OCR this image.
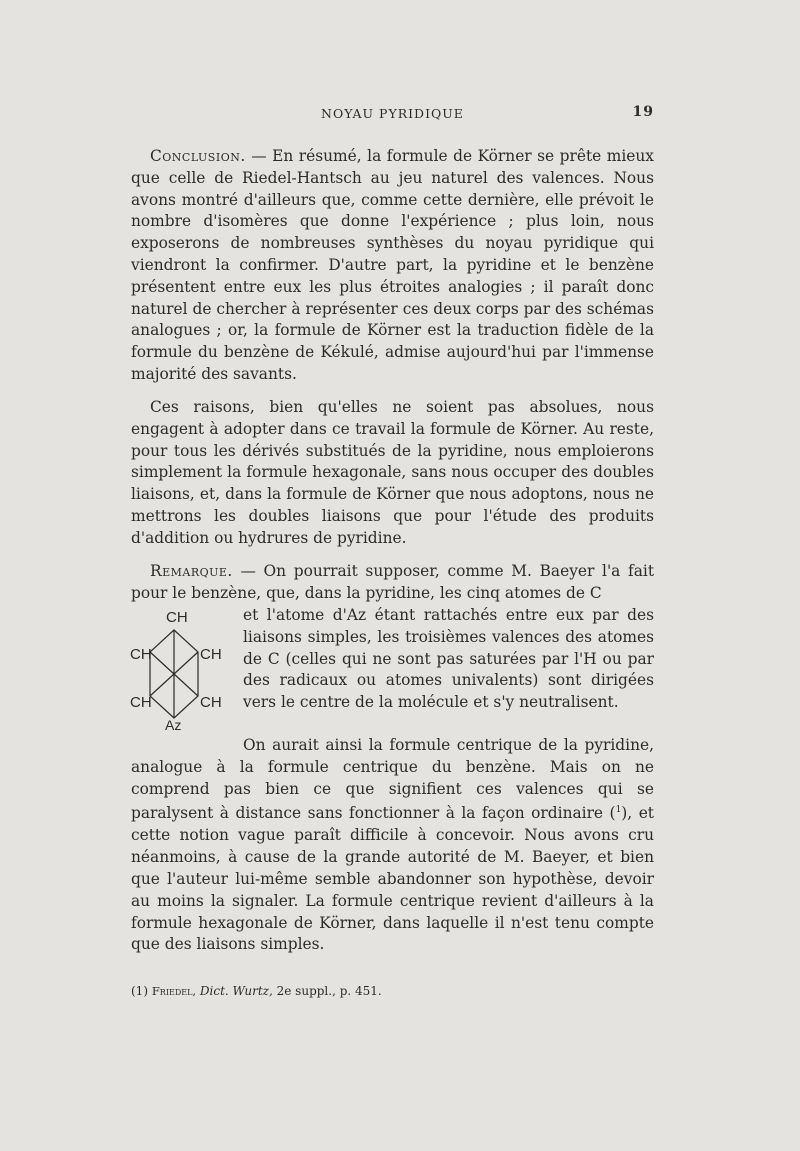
NOYAU PYRIDIQUE	19

Conclusion. — En résumé, la formule de Körner se prête mieux que celle de Riedel-Hantsch au jeu naturel des valences. Nous avons montré d'ailleurs que, comme cette dernière, elle prévoit le nombre d'isomères que donne l'expérience ; plus loin, nous exposerons de nombreuses synthèses du noyau pyridique qui viendront la confirmer. D'autre part, la pyridine et le benzène présentent entre eux les plus étroites analogies ; il paraît donc naturel de chercher à représenter ces deux corps par des schémas analogues ; or, la formule de Körner est la traduction fidèle de la formule du benzène de Kékulé, admise aujourd'hui par l'immense majorité des savants.

Ces raisons, bien qu'elles ne soient pas absolues, nous engagent à adopter dans ce travail la formule de Körner. Au reste, pour tous les dérivés substitués de la pyridine, nous emploierons simplement la formule hexagonale, sans nous occuper des doubles liaisons, et, dans la formule de Körner que nous adoptons, nous ne mettrons les doubles liaisons que pour l'étude des produits d'addition ou hydrures de pyridine.

Remarque. — On pourrait supposer, comme M. Baeyer l'a fait pour le benzène, que, dans la pyridine, les cinq atomes de C

CH
CH	CH
CH	CH
Az
et l'atome d'Az étant rattachés entre eux par des liaisons simples, les troisièmes valences des atomes de C (celles qui ne sont pas saturées par l'H ou par des radicaux ou atomes univalents) sont dirigées vers le centre de la molécule et s'y neutralisent.

On aurait ainsi la formule centrique de la pyridine, analogue à la formule centrique du benzène. Mais on ne comprend pas bien ce que signifient ces valences qui se paralysent à distance sans fonctionner à la façon ordinaire ($^1$), et cette notion vague paraît difficile à concevoir. Nous avons cru néanmoins, à cause de la grande autorité de M. Baeyer, et bien que l'auteur lui-même semble abandonner son hypothèse, devoir au moins la signaler. La formule centrique revient d'ailleurs à la formule hexagonale de Körner, dans laquelle il n'est tenu compte que des liaisons simples.

(1) Friedel, Dict. Wurtz, 2e suppl., p. 451.
